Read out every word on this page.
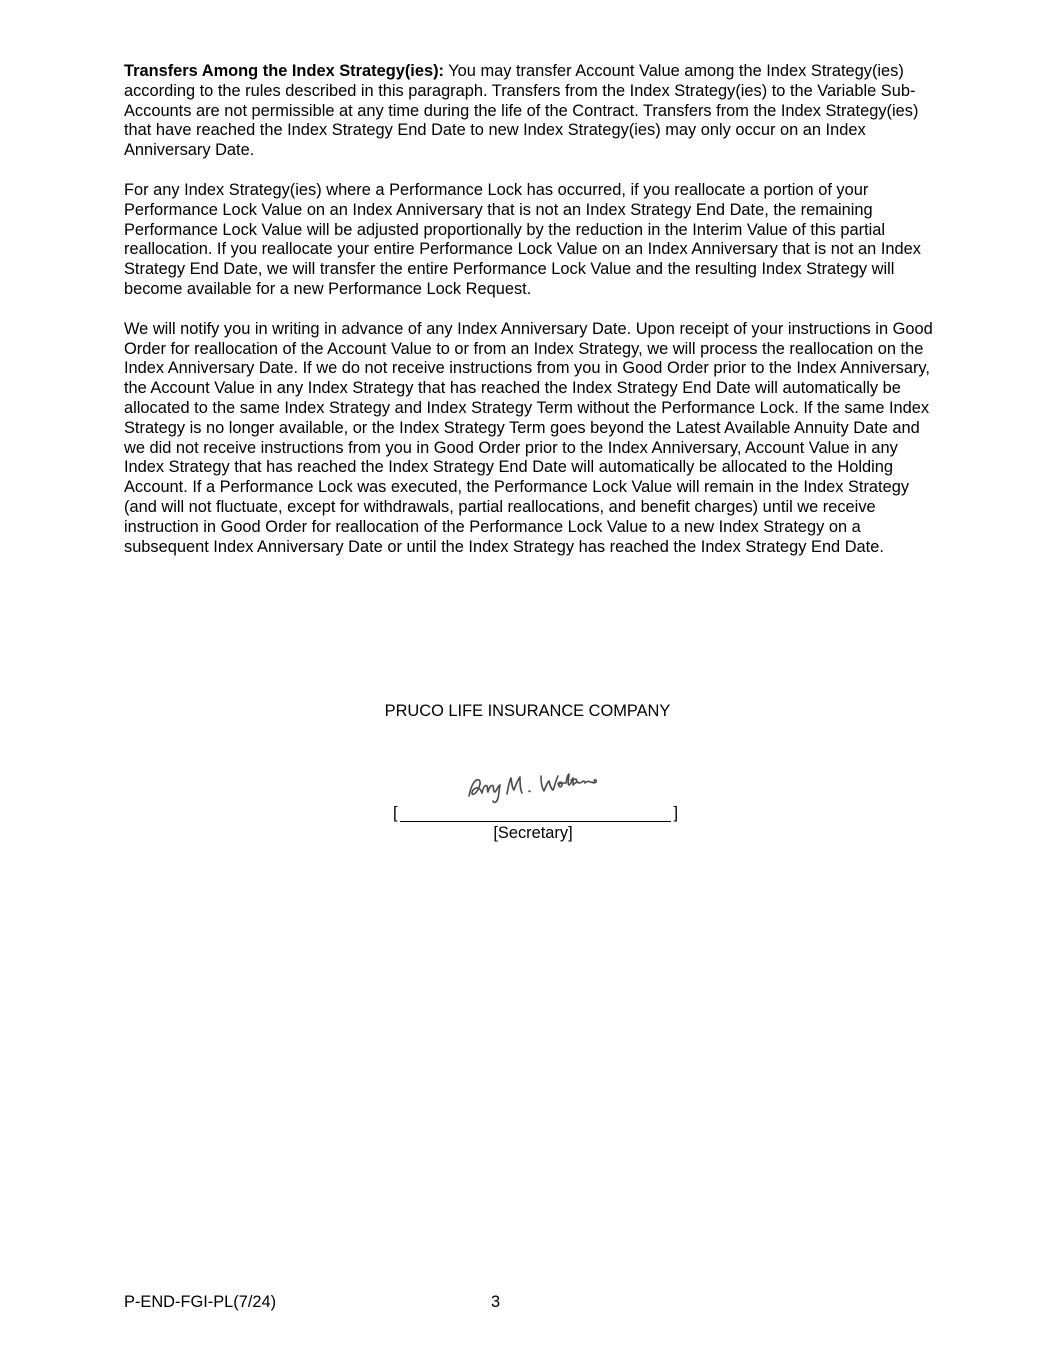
Transfers Among the Index Strategy(ies): You may transfer Account Value among the Index Strategy(ies) according to the rules described in this paragraph. Transfers from the Index Strategy(ies) to the Variable Sub-Accounts are not permissible at any time during the life of the Contract. Transfers from the Index Strategy(ies) that have reached the Index Strategy End Date to new Index Strategy(ies) may only occur on an Index Anniversary Date.

For any Index Strategy(ies) where a Performance Lock has occurred, if you reallocate a portion of your Performance Lock Value on an Index Anniversary that is not an Index Strategy End Date, the remaining Performance Lock Value will be adjusted proportionally by the reduction in the Interim Value of this partial reallocation. If you reallocate your entire Performance Lock Value on an Index Anniversary that is not an Index Strategy End Date, we will transfer the entire Performance Lock Value and the resulting Index Strategy will become available for a new Performance Lock Request.

We will notify you in writing in advance of any Index Anniversary Date. Upon receipt of your instructions in Good Order for reallocation of the Account Value to or from an Index Strategy, we will process the reallocation on the Index Anniversary Date. If we do not receive instructions from you in Good Order prior to the Index Anniversary, the Account Value in any Index Strategy that has reached the Index Strategy End Date will automatically be allocated to the same Index Strategy and Index Strategy Term without the Performance Lock. If the same Index Strategy is no longer available, or the Index Strategy Term goes beyond the Latest Available Annuity Date and we did not receive instructions from you in Good Order prior to the Index Anniversary, Account Value in any Index Strategy that has reached the Index Strategy End Date will automatically be allocated to the Holding Account. If a Performance Lock was executed, the Performance Lock Value will remain in the Index Strategy (and will not fluctuate, except for withdrawals, partial reallocations, and benefit charges) until we receive instruction in Good Order for reallocation of the Performance Lock Value to a new Index Strategy on a subsequent Index Anniversary Date or until the Index Strategy has reached the Index Strategy End Date.

PRUCO LIFE INSURANCE COMPANY
[	]
[Secretary]
P-END-FGI-PL(7/24)	3
